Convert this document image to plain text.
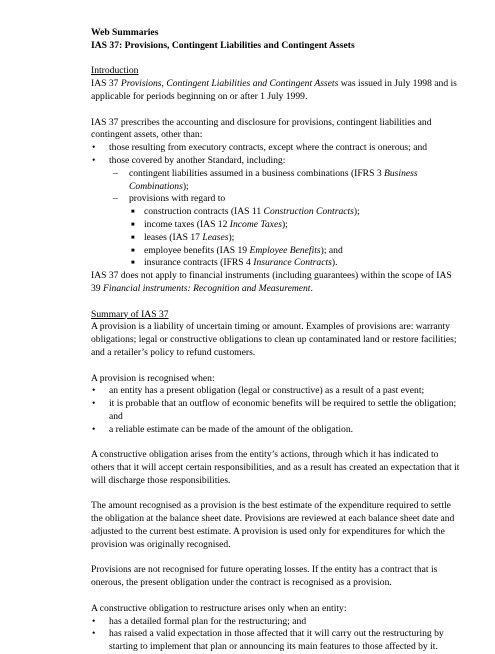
Web Summaries

IAS 37: Provisions, Contingent Liabilities and Contingent Assets

Introduction

IAS 37 Provisions, Contingent Liabilities and Contingent Assets was issued in July 1998 and is applicable for periods beginning on or after 1 July 1999.

IAS 37 prescribes the accounting and disclosure for provisions, contingent liabilities and contingent assets, other than:

•	those resulting from executory contracts, except where the contract is onerous; and
•	those covered by another Standard, including:
– contingent liabilities assumed in a business combinations (IFRS 3 Business Combinations);
– provisions with regard to
■ construction contracts (IAS 11 Construction Contracts);
■ income taxes (IAS 12 Income Taxes);
■ leases (IAS 17 Leases);
■ employee benefits (IAS 19 Employee Benefits); and
■ insurance contracts (IFRS 4 Insurance Contracts).

IAS 37 does not apply to financial instruments (including guarantees) within the scope of IAS 39 Financial instruments: Recognition and Measurement.

Summary of IAS 37

A provision is a liability of uncertain timing or amount. Examples of provisions are: warranty obligations; legal or constructive obligations to clean up contaminated land or restore facilities; and a retailer’s policy to refund customers.

A provision is recognised when:

•	an entity has a present obligation (legal or constructive) as a result of a past event;
•	it is probable that an outflow of economic benefits will be required to settle the obligation; and
•	a reliable estimate can be made of the amount of the obligation.

A constructive obligation arises from the entity’s actions, through which it has indicated to others that it will accept certain responsibilities, and as a result has created an expectation that it will discharge those responsibilities.

The amount recognised as a provision is the best estimate of the expenditure required to settle the obligation at the balance sheet date. Provisions are reviewed at each balance sheet date and adjusted to the current best estimate. A provision is used only for expenditures for which the provision was originally recognised.

Provisions are not recognised for future operating losses. If the entity has a contract that is onerous, the present obligation under the contract is recognised as a provision.

A constructive obligation to restructure arises only when an entity:

•	has a detailed formal plan for the restructuring; and
•	has raised a valid expectation in those affected that it will carry out the restructuring by starting to implement that plan or announcing its main features to those affected by it.
